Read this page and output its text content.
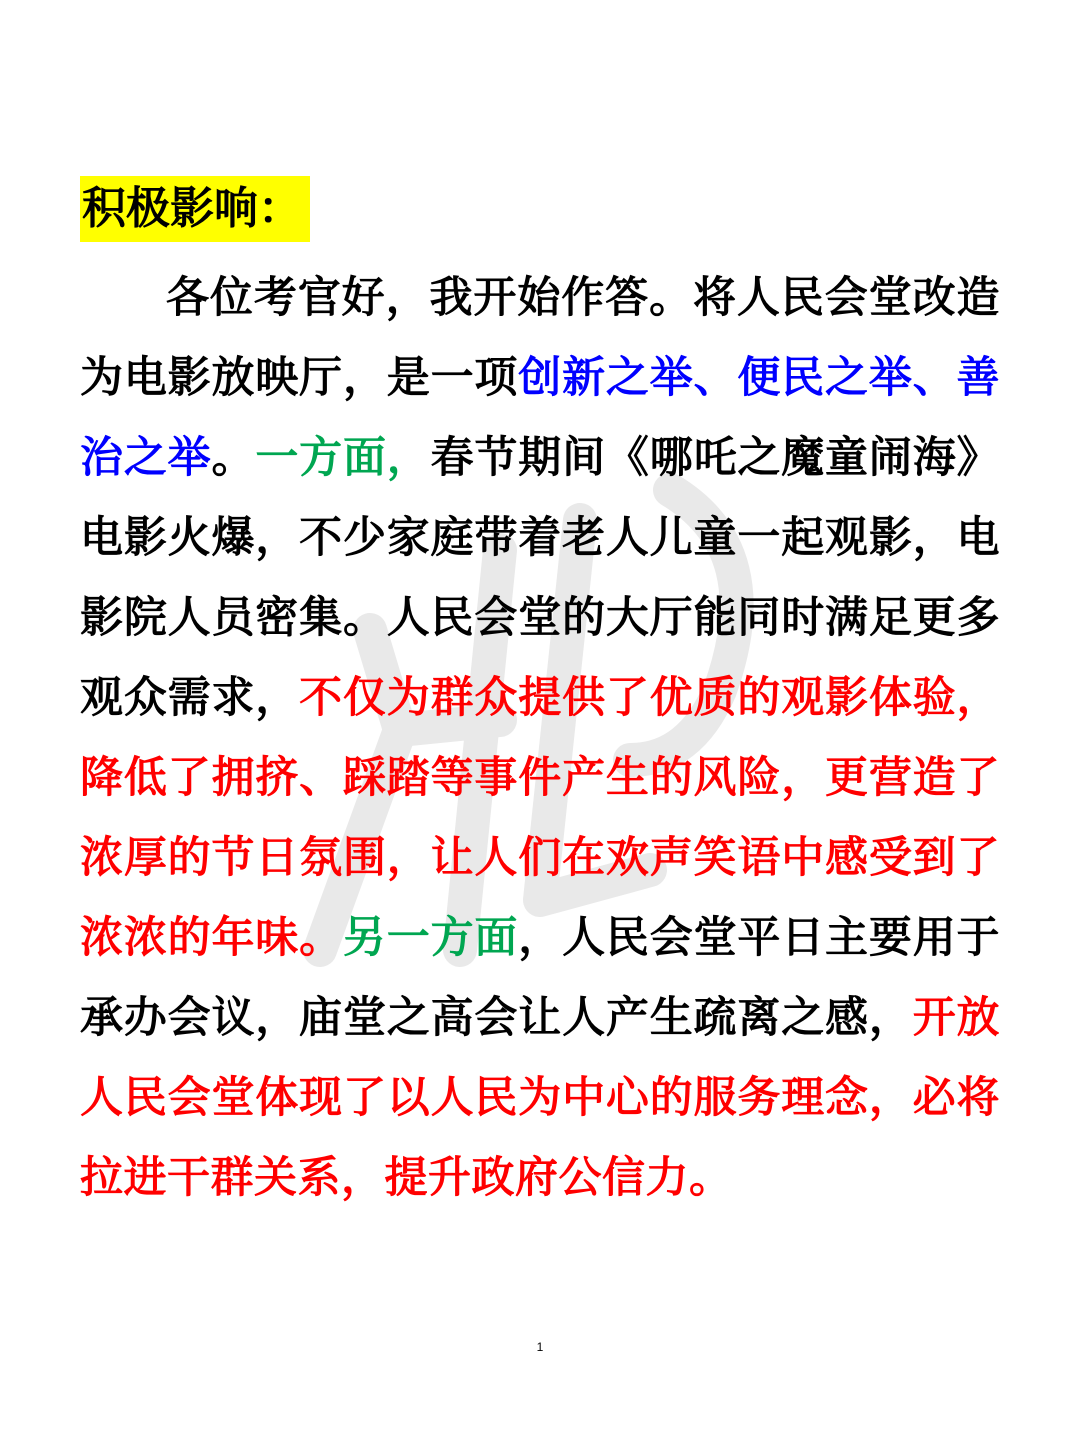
积极影响：

各位考官好，我开始作答。将人民会堂改造为电影放映厅，是一项创新之举、便民之举、善治之举。一方面，春节期间《哪吒之魔童闹海》电影火爆，不少家庭带着老人儿童一起观影，电影院人员密集。人民会堂的大厅能同时满足更多观众需求，不仅为群众提供了优质的观影体验，降低了拥挤、踩踏等事件产生的风险，更营造了浓厚的节日氛围，让人们在欢声笑语中感受到了浓浓的年味。另一方面，人民会堂平日主要用于承办会议，庙堂之高会让人产生疏离之感，开放人民会堂体现了以人民为中心的服务理念，必将拉进干群关系，提升政府公信力。

1
